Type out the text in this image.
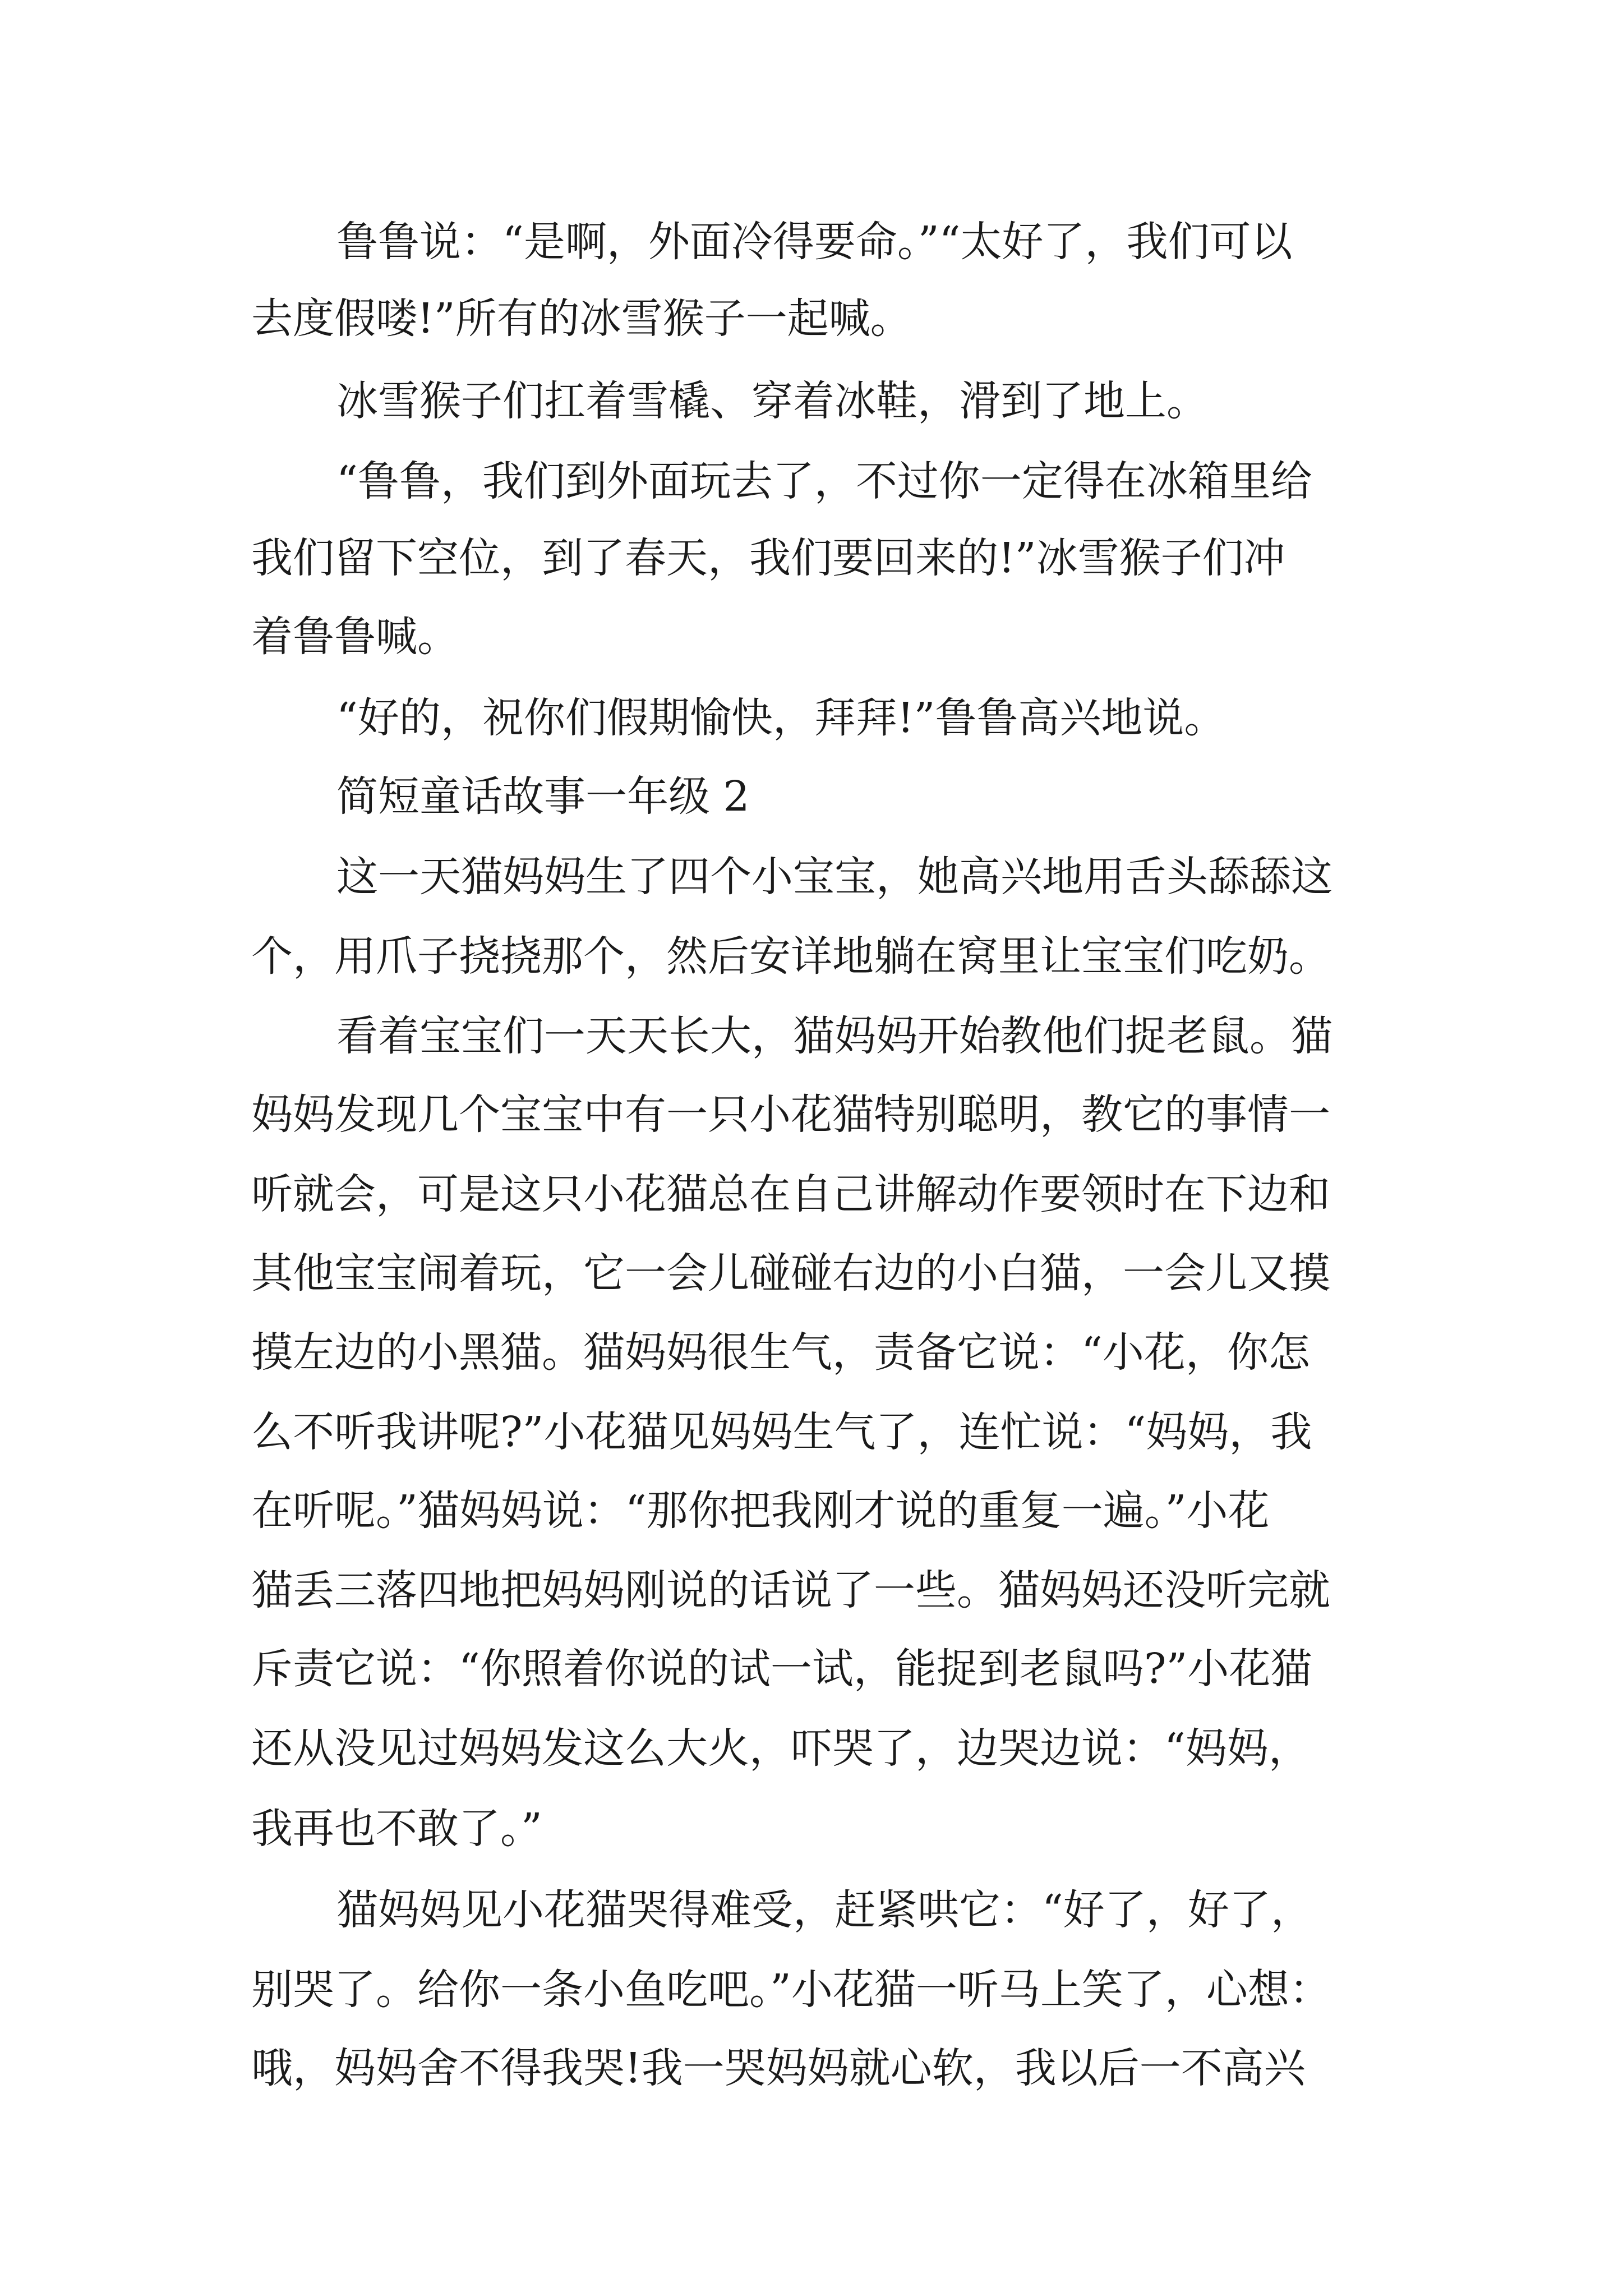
鲁鲁说：“是啊，外面冷得要命。”“太好了，我们可以
去度假喽!”所有的冰雪猴子一起喊。
冰雪猴子们扛着雪橇、穿着冰鞋，滑到了地上。
“鲁鲁，我们到外面玩去了，不过你一定得在冰箱里给
我们留下空位，到了春天，我们要回来的!”冰雪猴子们冲
着鲁鲁喊。
“好的，祝你们假期愉快，拜拜!”鲁鲁高兴地说。
简短童话故事一年级 2
这一天猫妈妈生了四个小宝宝，她高兴地用舌头舔舔这
个，用爪子挠挠那个，然后安详地躺在窝里让宝宝们吃奶。
看着宝宝们一天天长大，猫妈妈开始教他们捉老鼠。猫
妈妈发现几个宝宝中有一只小花猫特别聪明，教它的事情一
听就会，可是这只小花猫总在自己讲解动作要领时在下边和
其他宝宝闹着玩，它一会儿碰碰右边的小白猫，一会儿又摸
摸左边的小黑猫。猫妈妈很生气，责备它说：“小花，你怎
么不听我讲呢?”小花猫见妈妈生气了，连忙说：“妈妈，我
在听呢。”猫妈妈说：“那你把我刚才说的重复一遍。”小花
猫丢三落四地把妈妈刚说的话说了一些。猫妈妈还没听完就
斥责它说：“你照着你说的试一试，能捉到老鼠吗?”小花猫
还从没见过妈妈发这么大火，吓哭了，边哭边说：“妈妈，
我再也不敢了。”
猫妈妈见小花猫哭得难受，赶紧哄它：“好了，好了，
别哭了。给你一条小鱼吃吧。”小花猫一听马上笑了，心想：
哦，妈妈舍不得我哭!我一哭妈妈就心软，我以后一不高兴
